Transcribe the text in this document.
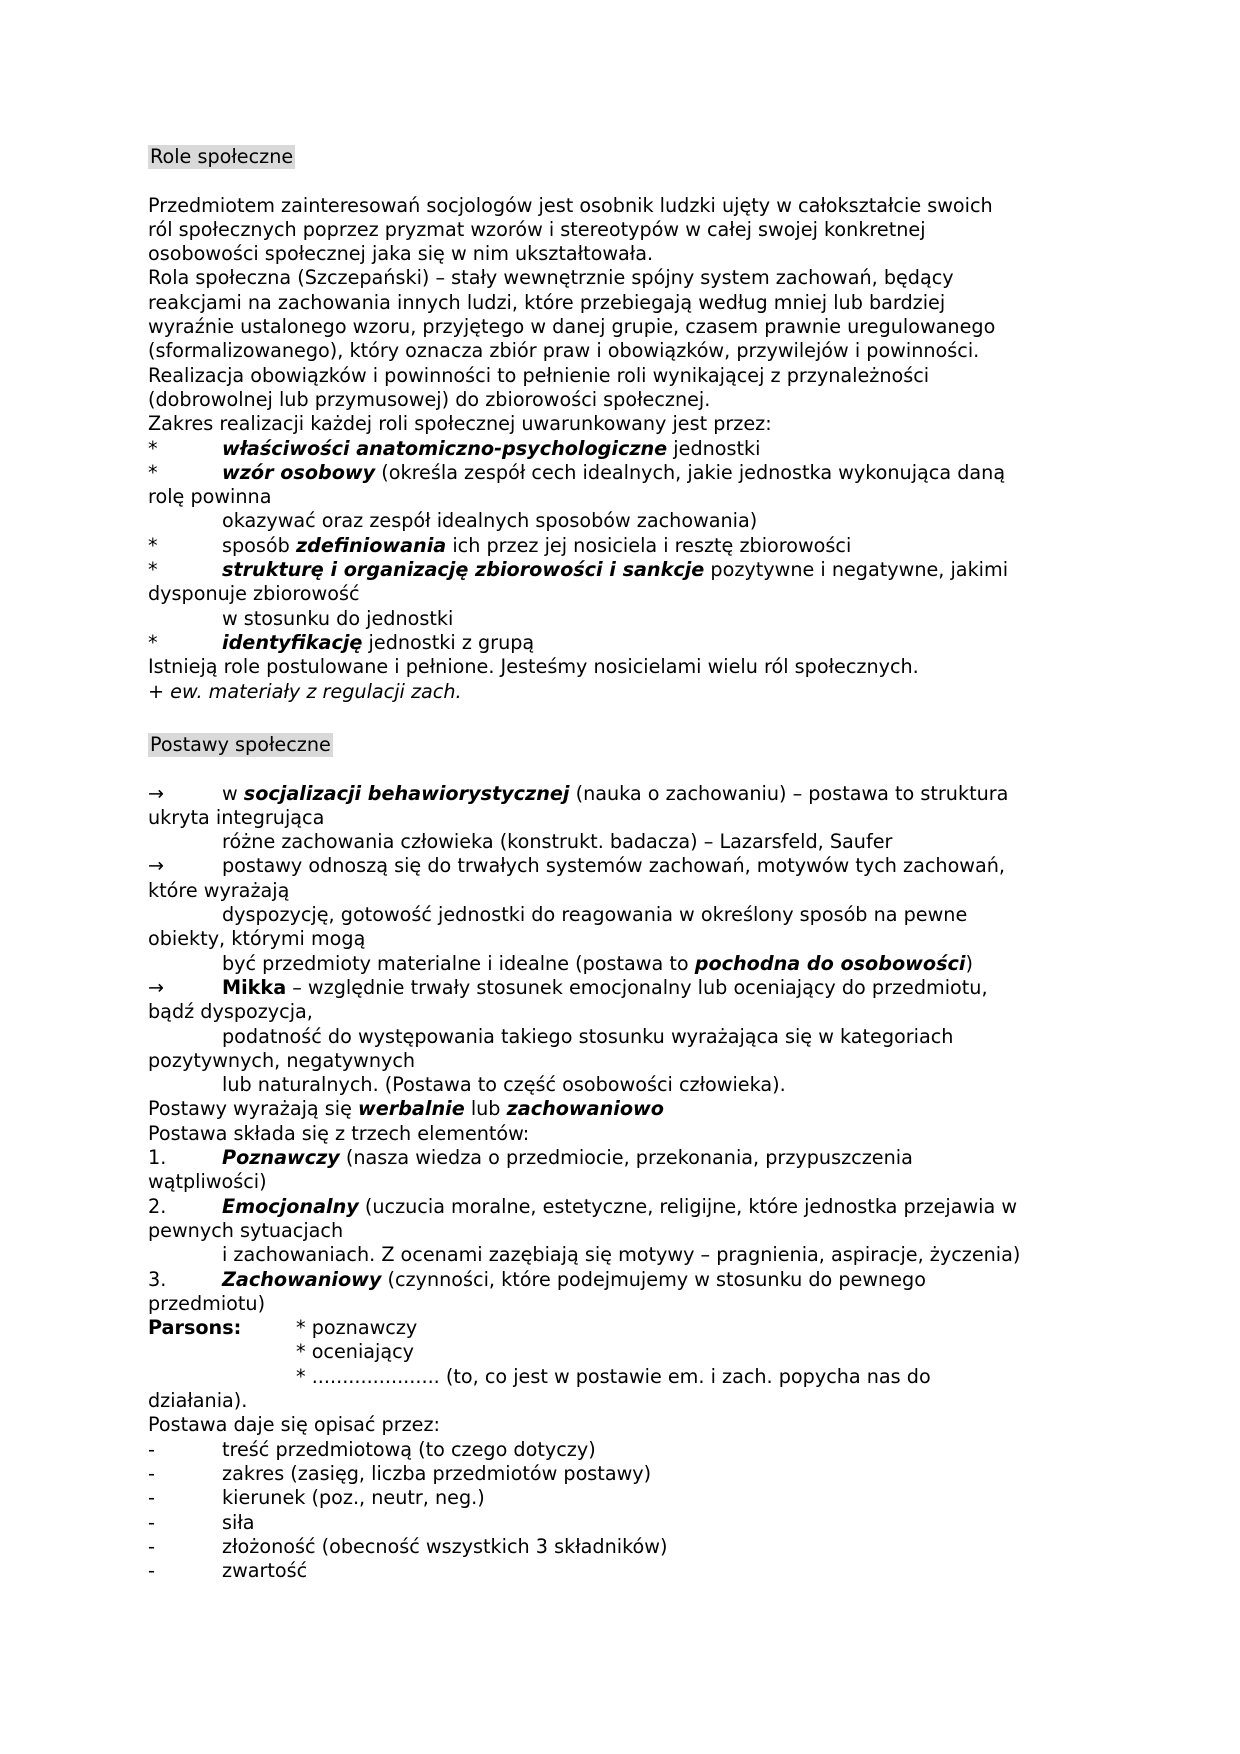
Role społeczne
Przedmiotem zainteresowań socjologów jest osobnik ludzki ujęty w całokształcie swoich
ról społecznych poprzez pryzmat wzorów i stereotypów w całej swojej konkretnej
osobowości społecznej jaka się w nim ukształtowała.
Rola społeczna (Szczepański) – stały wewnętrznie spójny system zachowań, będący
reakcjami na zachowania innych ludzi, które przebiegają według mniej lub bardziej
wyraźnie ustalonego wzoru, przyjętego w danej grupie, czasem prawnie uregulowanego
(sformalizowanego), który oznacza zbiór praw i obowiązków, przywilejów i powinności.
Realizacja obowiązków i powinności to pełnienie roli wynikającej z przynależności
(dobrowolnej lub przymusowej) do zbiorowości społecznej.
Zakres realizacji każdej roli społecznej uwarunkowany jest przez:
*	właściwości anatomiczno-psychologiczne jednostki
*	wzór osobowy (określa zespół cech idealnych, jakie jednostka wykonująca daną
rolę powinna
okazywać oraz zespół idealnych sposobów zachowania)
*	sposób zdefiniowania ich przez jej nosiciela i resztę zbiorowości
*	strukturę i organizację zbiorowości i sankcje pozytywne i negatywne, jakimi
dysponuje zbiorowość
w stosunku do jednostki
*	identyfikację jednostki z grupą
Istnieją role postulowane i pełnione. Jesteśmy nosicielami wielu ról społecznych.
+ ew. materiały z regulacji zach.
Postawy społeczne
→	w socjalizacji behawiorystycznej (nauka o zachowaniu) – postawa to struktura
ukryta integrująca
różne zachowania człowieka (konstrukt. badacza) – Lazarsfeld, Saufer
→	postawy odnoszą się do trwałych systemów zachowań, motywów tych zachowań,
które wyrażają
dyspozycję, gotowość jednostki do reagowania w określony sposób na pewne
obiekty, którymi mogą
być przedmioty materialne i idealne (postawa to pochodna do osobowości)
→	Mikka – względnie trwały stosunek emocjonalny lub oceniający do przedmiotu,
bądź dyspozycja,
podatność do występowania takiego stosunku wyrażająca się w kategoriach
pozytywnych, negatywnych
lub naturalnych. (Postawa to część osobowości człowieka).
Postawy wyrażają się werbalnie lub zachowaniowo
Postawa składa się z trzech elementów:
1.	Poznawczy (nasza wiedza o przedmiocie, przekonania, przypuszczenia
wątpliwości)
2.	Emocjonalny (uczucia moralne, estetyczne, religijne, które jednostka przejawia w
pewnych sytuacjach
i zachowaniach. Z ocenami zazębiają się motywy – pragnienia, aspiracje, życzenia)
3.	Zachowaniowy (czynności, które podejmujemy w stosunku do pewnego
przedmiotu)
Parsons:	* poznawczy
* oceniający
* ..................... (to, co jest w postawie em. i zach. popycha nas do
działania).
Postawa daje się opisać przez:
-	treść przedmiotową (to czego dotyczy)
-	zakres (zasięg, liczba przedmiotów postawy)
-	kierunek (poz., neutr, neg.)
-	siła
-	złożoność (obecność wszystkich 3 składników)
-	zwartość
